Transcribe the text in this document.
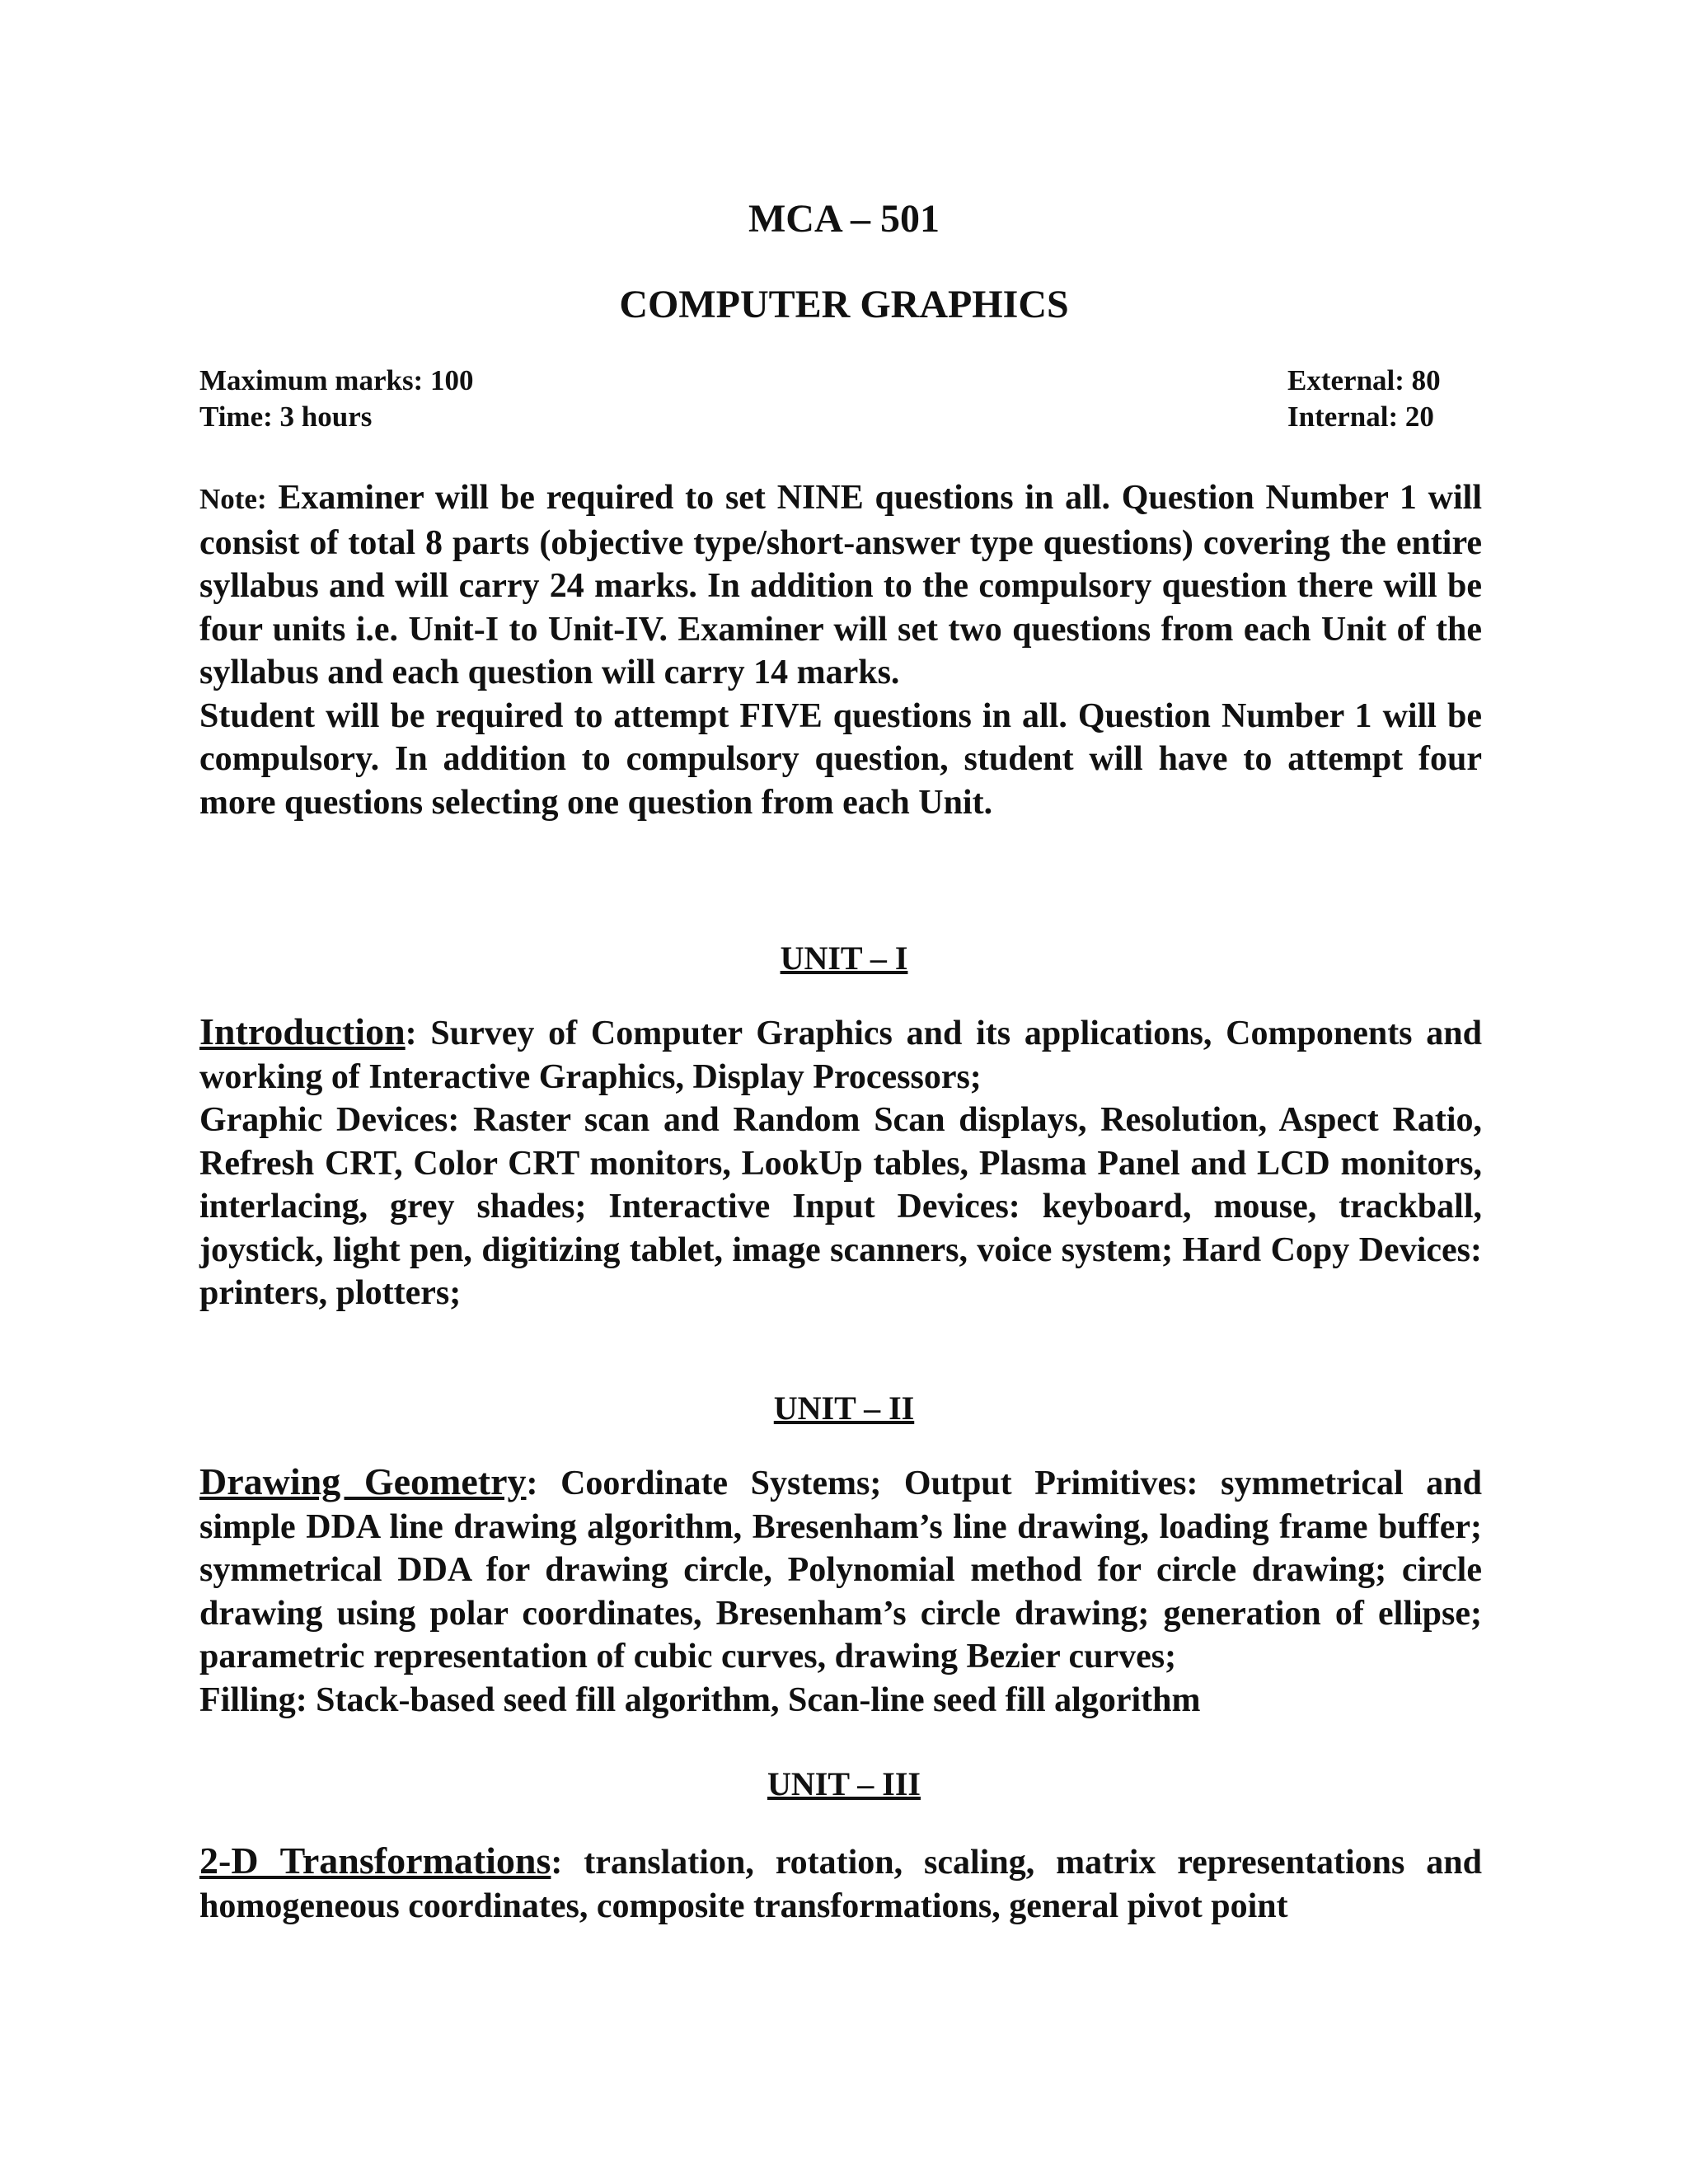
MCA – 501
COMPUTER GRAPHICS
Maximum marks: 100
Time: 3 hours
External: 80
Internal: 20

Note: Examiner will be required to set NINE questions in all. Question Number 1 will consist of total 8 parts (objective type/short-answer type questions) covering the entire syllabus and will carry 24 marks. In addition to the compulsory question there will be four units i.e. Unit-I to Unit-IV. Examiner will set two questions from each Unit of the syllabus and each question will carry 14 marks.

Student will be required to attempt FIVE questions in all. Question Number 1 will be compulsory. In addition to compulsory question, student will have to attempt four more questions selecting one question from each Unit.

UNIT – I

Introduction: Survey of Computer Graphics and its applications, Components and working of Interactive Graphics, Display Processors;

Graphic Devices: Raster scan and Random Scan displays, Resolution, Aspect Ratio, Refresh CRT, Color CRT monitors, LookUp tables, Plasma Panel and LCD monitors, interlacing, grey shades; Interactive Input Devices: keyboard, mouse, trackball, joystick, light pen, digitizing tablet, image scanners, voice system; Hard Copy Devices: printers, plotters;

UNIT – II

Drawing Geometry: Coordinate Systems; Output Primitives: symmetrical and simple DDA line drawing algorithm, Bresenham’s line drawing, loading frame buffer; symmetrical DDA for drawing circle, Polynomial method for circle drawing; circle drawing using polar coordinates, Bresenham’s circle drawing; generation of ellipse; parametric representation of cubic curves, drawing Bezier curves;

Filling: Stack-based seed fill algorithm, Scan-line seed fill algorithm

UNIT – III

2-D Transformations: translation, rotation, scaling, matrix representations and homogeneous coordinates, composite transformations, general pivot point
